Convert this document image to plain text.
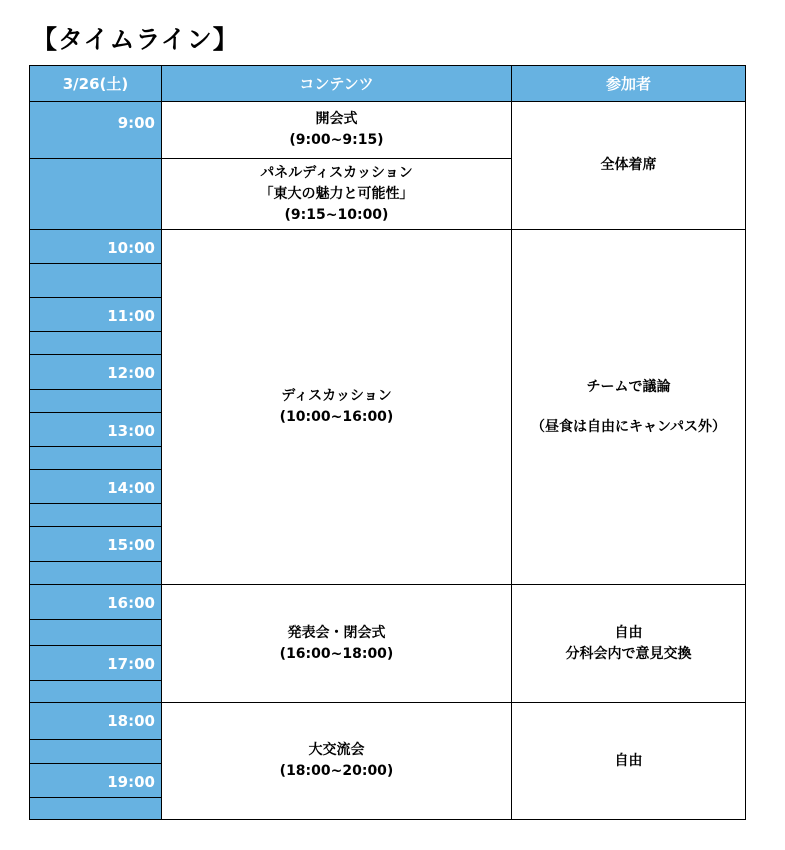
【タイムライン】
3/26(土)	コンテンツ	参加者
9:00
10:00
11:00
12:00
13:00
14:00
15:00
16:00
17:00
18:00
19:00
開会式
(9:00~9:15)
パネルディスカッション
「東大の魅力と可能性」
(9:15~10:00)
ディスカッション
(10:00~16:00)
発表会・閉会式
(16:00~18:00)
大交流会
(18:00~20:00)
全体着席
チームで議論
（昼食は自由にキャンパス外）
自由
分科会内で意見交換
自由
